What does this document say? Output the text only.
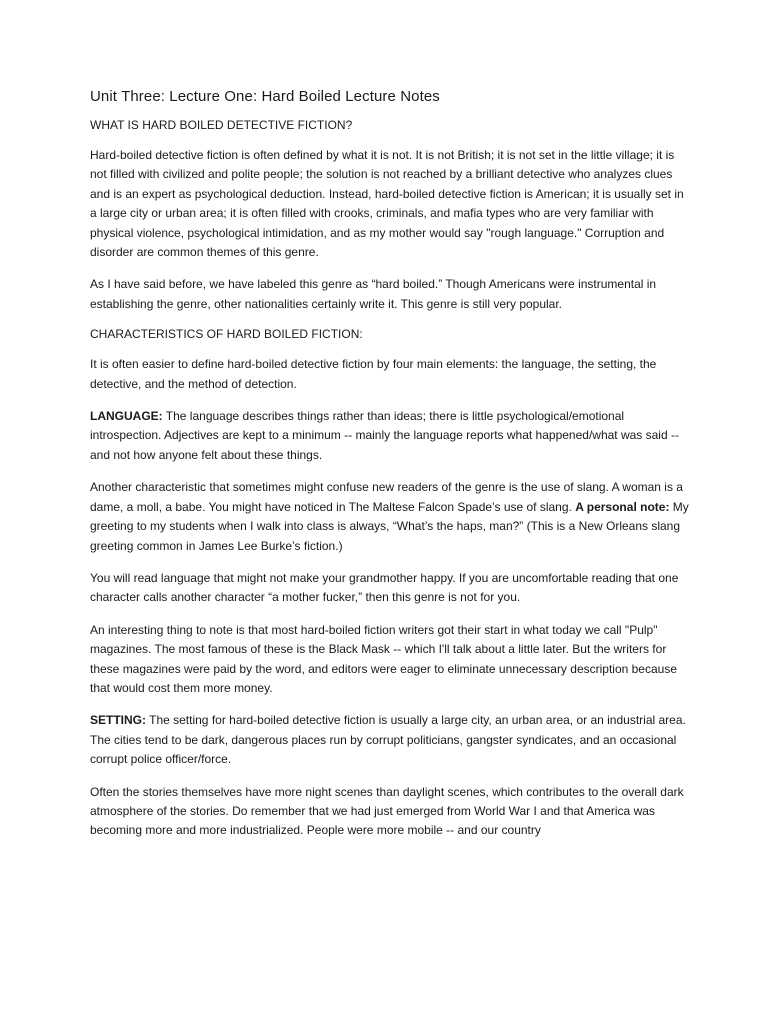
Unit Three: Lecture One: Hard Boiled Lecture Notes
WHAT IS HARD BOILED DETECTIVE FICTION?

Hard-boiled detective fiction is often defined by what it is not. It is not British; it is not set in the little village; it is not filled with civilized and polite people; the solution is not reached by a brilliant detective who analyzes clues and is an expert as psychological deduction. Instead, hard-boiled detective fiction is American; it is usually set in a large city or urban area; it is often filled with crooks, criminals, and mafia types who are very familiar with physical violence, psychological intimidation, and as my mother would say "rough language." Corruption and disorder are common themes of this genre.

As I have said before, we have labeled this genre as “hard boiled.” Though Americans were instrumental in establishing the genre, other nationalities certainly write it. This genre is still very popular.

CHARACTERISTICS OF HARD BOILED FICTION:

It is often easier to define hard-boiled detective fiction by four main elements: the language, the setting, the detective, and the method of detection.

LANGUAGE: The language describes things rather than ideas; there is little psychological/emotional introspection. Adjectives are kept to a minimum -- mainly the language reports what happened/what was said -- and not how anyone felt about these things.

Another characteristic that sometimes might confuse new readers of the genre is the use of slang. A woman is a dame, a moll, a babe. You might have noticed in The Maltese Falcon Spade’s use of slang. A personal note: My greeting to my students when I walk into class is always, “What’s the haps, man?” (This is a New Orleans slang greeting common in James Lee Burke’s fiction.)

You will read language that might not make your grandmother happy. If you are uncomfortable reading that one character calls another character “a mother fucker,” then this genre is not for you.

An interesting thing to note is that most hard-boiled fiction writers got their start in what today we call "Pulp" magazines. The most famous of these is the Black Mask -- which I'll talk about a little later. But the writers for these magazines were paid by the word, and editors were eager to eliminate unnecessary description because that would cost them more money.

SETTING: The setting for hard-boiled detective fiction is usually a large city, an urban area, or an industrial area. The cities tend to be dark, dangerous places run by corrupt politicians, gangster syndicates, and an occasional corrupt police officer/force.

Often the stories themselves have more night scenes than daylight scenes, which contributes to the overall dark atmosphere of the stories. Do remember that we had just emerged from World War I and that America was becoming more and more industrialized. People were more mobile -- and our country
